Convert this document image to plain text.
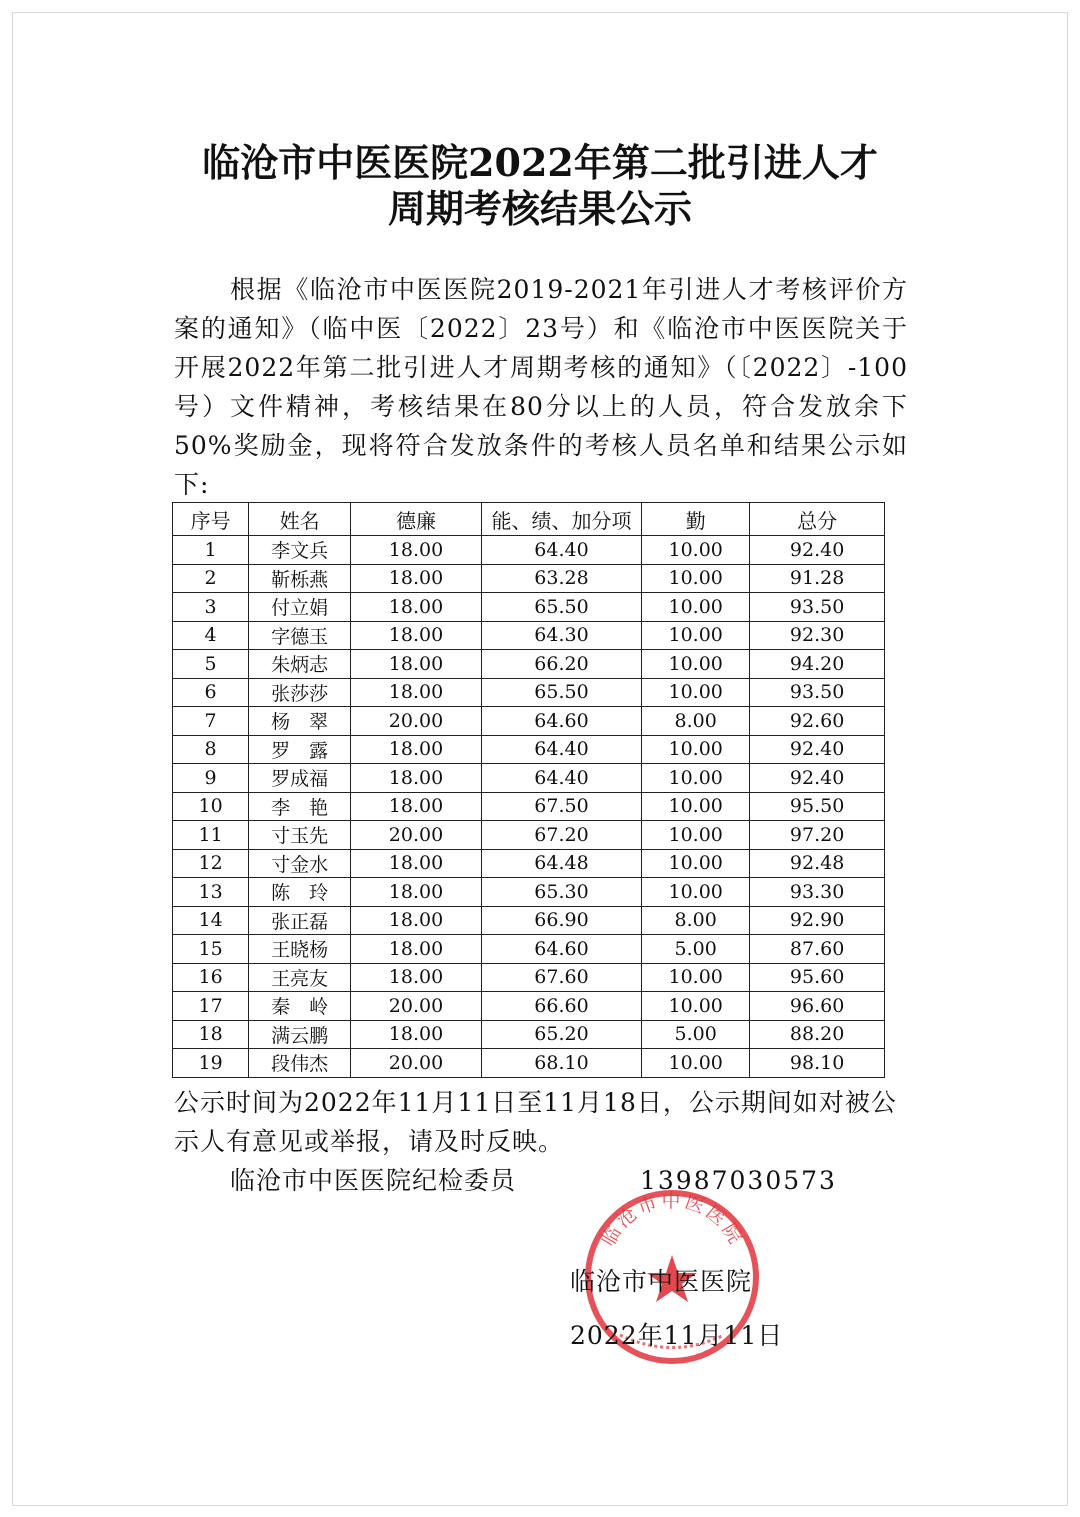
临沧市中医医院2022年第二批引进人才
周期考核结果公示
根据《临沧市中医医院2019-2021年引进人才考核评价方案的通知》（临中医〔2022〕23号）和《临沧市中医医院关于开展2022年第二批引进人才周期考核的通知》（〔2022〕-100号）文件精神，考核结果在80分以上的人员，符合发放余下50%奖励金，现将符合发放条件的考核人员名单和结果公示如下:
序号	姓名	德廉	能、绩、加分项	勤	总分
1	李文兵	18.00	64.40	10.00	92.40
2	靳栎燕	18.00	63.28	10.00	91.28
3	付立娟	18.00	65.50	10.00	93.50
4	字德玉	18.00	64.30	10.00	92.30
5	朱炳志	18.00	66.20	10.00	94.20
6	张莎莎	18.00	65.50	10.00	93.50
7	杨　翠	20.00	64.60	8.00	92.60
8	罗　露	18.00	64.40	10.00	92.40
9	罗成福	18.00	64.40	10.00	92.40
10	李　艳	18.00	67.50	10.00	95.50
11	寸玉先	20.00	67.20	10.00	97.20
12	寸金水	18.00	64.48	10.00	92.48
13	陈　玲	18.00	65.30	10.00	93.30
14	张正磊	18.00	66.90	8.00	92.90
15	王晓杨	18.00	64.60	5.00	87.60
16	王亮友	18.00	67.60	10.00	95.60
17	秦　岭	20.00	66.60	10.00	96.60
18	满云鹏	18.00	65.20	5.00	88.20
19	段伟杰	20.00	68.10	10.00	98.10
公示时间为2022年11月11日至11月18日，公示期间如对被公示人有意见或举报，请及时反映。
临沧市中医医院纪检委员	13987030573
临沧市中医医院
临沧市中医医院
2022年11月11日
